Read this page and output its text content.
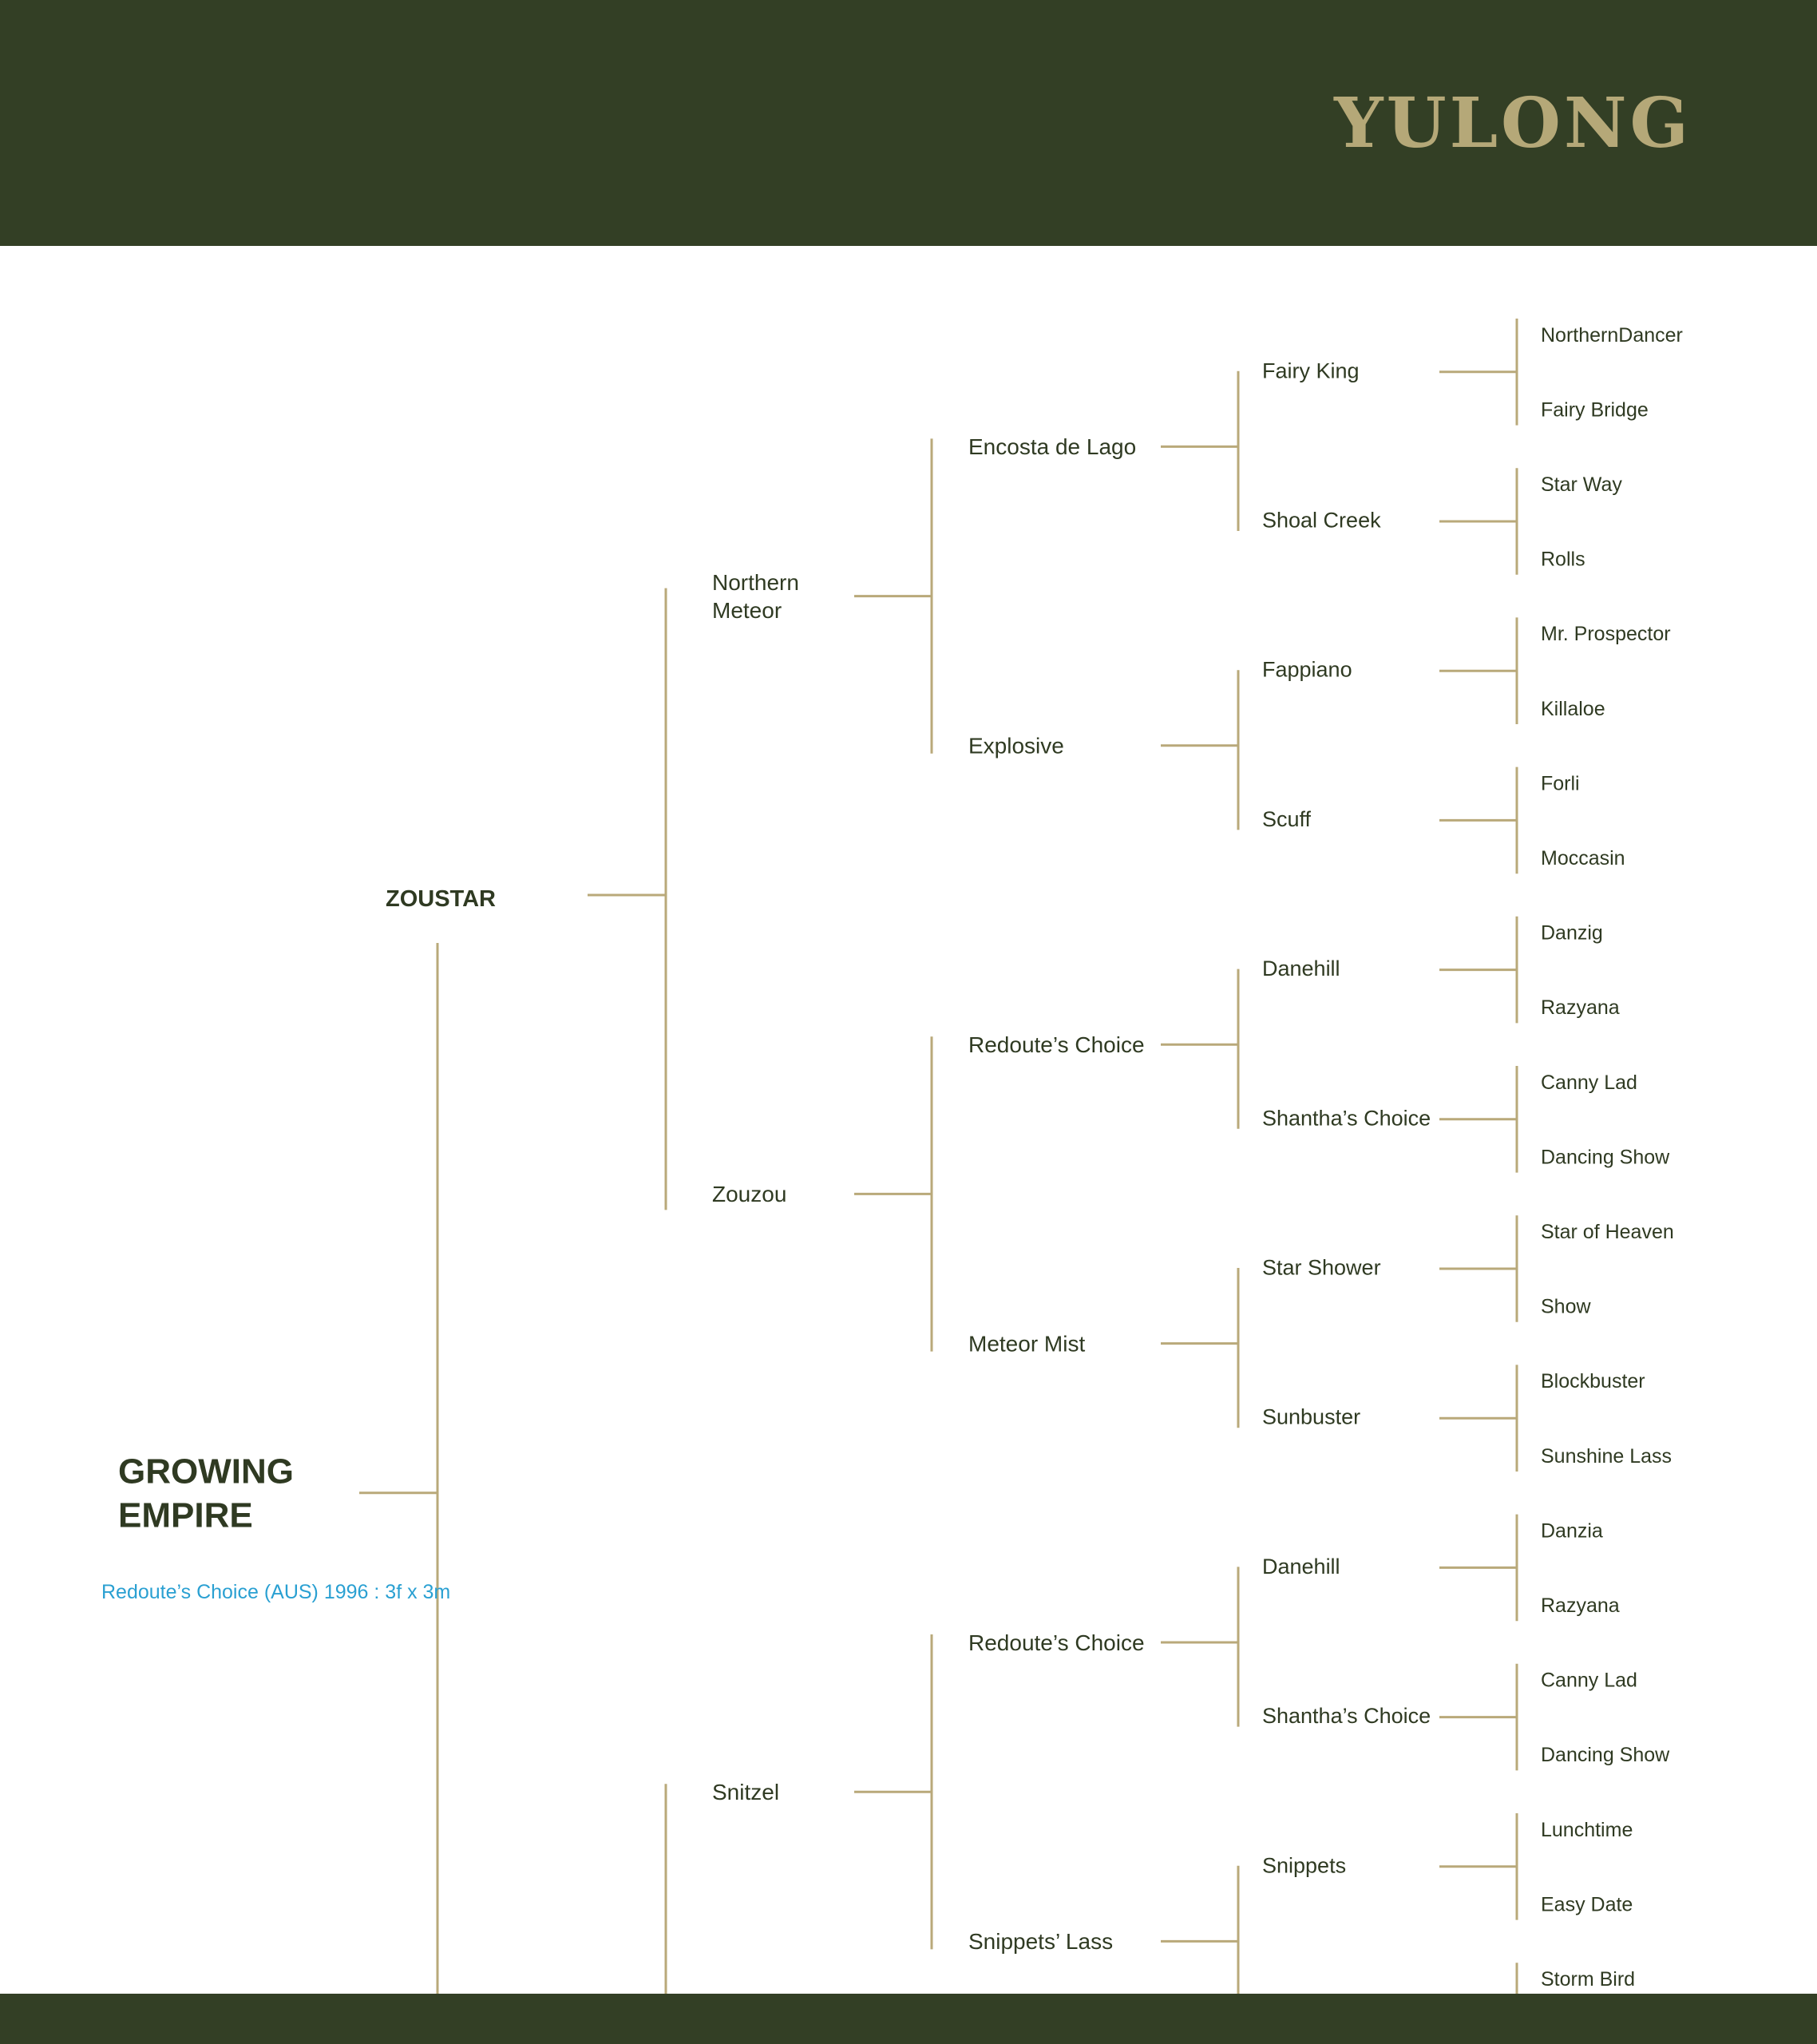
YULONG
NorthernDancer
Fairy Bridge
Star Way
Rolls
Mr. Prospector
Killaloe
Forli
Moccasin
Danzig
Razyana
Canny Lad
Dancing Show
Star of Heaven
Show
Blockbuster
Sunshine Lass
Danzia
Razyana
Canny Lad
Dancing Show
Lunchtime
Easy Date
Storm Bird
Fairy King
Shoal Creek
Fappiano
Scuff
Danehill
Shantha’s Choice
Star Shower
Sunbuster
Danehill
Shantha’s Choice
Snippets
Encosta de Lago
Explosive
Redoute’s Choice
Meteor Mist
Redoute’s Choice
Snippets’ Lass
Northern Meteor
Zouzou
Snitzel
ZOUSTAR
GROWING EMPIRE
Redoute’s Choice (AUS) 1996 : 3f x 3m
